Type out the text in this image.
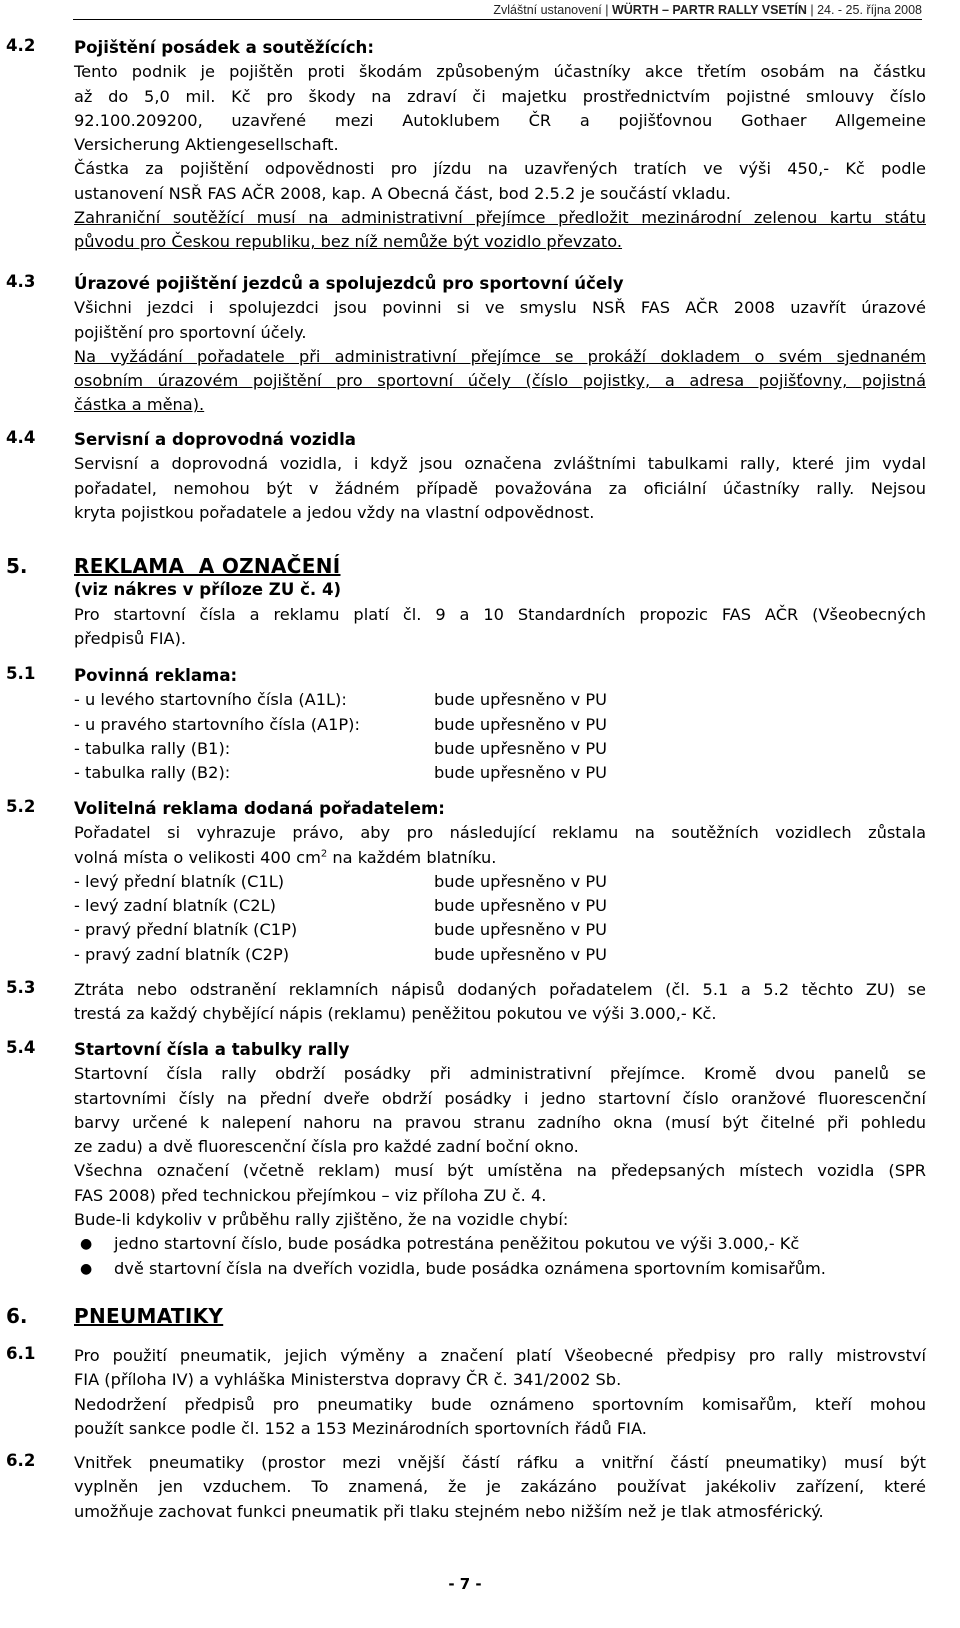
Zvláštní ustanovení | WÜRTH – PARTR RALLY VSETÍN | 24. - 25. října 2008
4.2 Pojištění posádek a soutěžících:
Tento podnik je pojištěn proti škodám způsobeným účastníky akce třetím osobám na částku
až do 5,0 mil. Kč pro škody na zdraví či majetku prostřednictvím pojistné smlouvy číslo
92.100.209200, uzavřené mezi Autoklubem ČR a pojišťovnou Gothaer Allgemeine
Versicherung Aktiengesellschaft.
Částka za pojištění odpovědnosti pro jízdu na uzavřených tratích ve výši 450,- Kč podle
ustanovení NSŘ FAS AČR 2008, kap. A Obecná část, bod 2.5.2 je součástí vkladu.
Zahraniční soutěžící musí na administrativní přejímce předložit mezinárodní zelenou kartu státu
původu pro Českou republiku, bez níž nemůže být vozidlo převzato.
4.3 Úrazové pojištění jezdců a spolujezdců pro sportovní účely
Všichni jezdci i spolujezdci jsou povinni si ve smyslu NSŘ FAS AČR 2008 uzavřít úrazové
pojištění pro sportovní účely.
Na vyžádání pořadatele při administrativní přejímce se prokáží dokladem o svém sjednaném
osobním úrazovém pojištění pro sportovní účely (číslo pojistky, a adresa pojišťovny, pojistná
částka a měna).
4.4 Servisní a doprovodná vozidla
Servisní a doprovodná vozidla, i když jsou označena zvláštními tabulkami rally, které jim vydal
pořadatel, nemohou být v žádném případě považována za oficiální účastníky rally. Nejsou
kryta pojistkou pořadatele a jedou vždy na vlastní odpovědnost.
5. REKLAMA  A OZNAČENÍ
(viz nákres v příloze ZU č. 4)
Pro startovní čísla a reklamu platí čl. 9 a 10 Standardních propozic FAS AČR (Všeobecných
předpisů FIA).
5.1 Povinná reklama:
- u levého startovního čísla (A1L):	bude upřesněno v PU
- u pravého startovního čísla (A1P):	bude upřesněno v PU
- tabulka rally (B1):	bude upřesněno v PU
- tabulka rally (B2):	bude upřesněno v PU
5.2 Volitelná reklama dodaná pořadatelem:
Pořadatel si vyhrazuje právo, aby pro následující reklamu na soutěžních vozidlech zůstala
volná místa o velikosti 400 $cm^2$ na každém blatníku.
- levý přední blatník (C1L)	bude upřesněno v PU
- levý zadní blatník (C2L)	bude upřesněno v PU
- pravý přední blatník (C1P)	bude upřesněno v PU
- pravý zadní blatník (C2P)	bude upřesněno v PU
5.3 Ztráta nebo odstranění reklamních nápisů dodaných pořadatelem (čl. 5.1 a 5.2 těchto ZU) se
trestá za každý chybějící nápis (reklamu) peněžitou pokutou ve výši 3.000,- Kč.
5.4 Startovní čísla a tabulky rally
Startovní čísla rally obdrží posádky při administrativní přejímce. Kromě dvou panelů se
startovními čísly na přední dveře obdrží posádky i jedno startovní číslo oranžové fluorescenční
barvy určené k nalepení nahoru na pravou stranu zadního okna (musí být čitelné při pohledu
ze zadu) a dvě fluorescenční čísla pro každé zadní boční okno.
Všechna označení (včetně reklam) musí být umístěna na předepsaných místech vozidla (SPR
FAS 2008) před technickou přejímkou – viz příloha ZU č. 4.
Bude-li kdykoliv v průběhu rally zjištěno, že na vozidle chybí:
●	jedno startovní číslo, bude posádka potrestána peněžitou pokutou ve výši 3.000,- Kč
●	dvě startovní čísla na dveřích vozidla, bude posádka oznámena sportovním komisařům.
6. PNEUMATIKY
6.1 Pro použití pneumatik, jejich výměny a značení platí Všeobecné předpisy pro rally mistrovství
FIA (příloha IV) a vyhláška Ministerstva dopravy ČR č. 341/2002 Sb.
Nedodržení předpisů pro pneumatiky bude oznámeno sportovním komisařům, kteří mohou
použít sankce podle čl. 152 a 153 Mezinárodních sportovních řádů FIA.
6.2 Vnitřek pneumatiky (prostor mezi vnější částí ráfku a vnitřní částí pneumatiky) musí být
vyplněn jen vzduchem. To znamená, že je zakázáno používat jakékoliv zařízení, které
umožňuje zachovat funkci pneumatik při tlaku stejném nebo nižším než je tlak atmosférický.
- 7 -
